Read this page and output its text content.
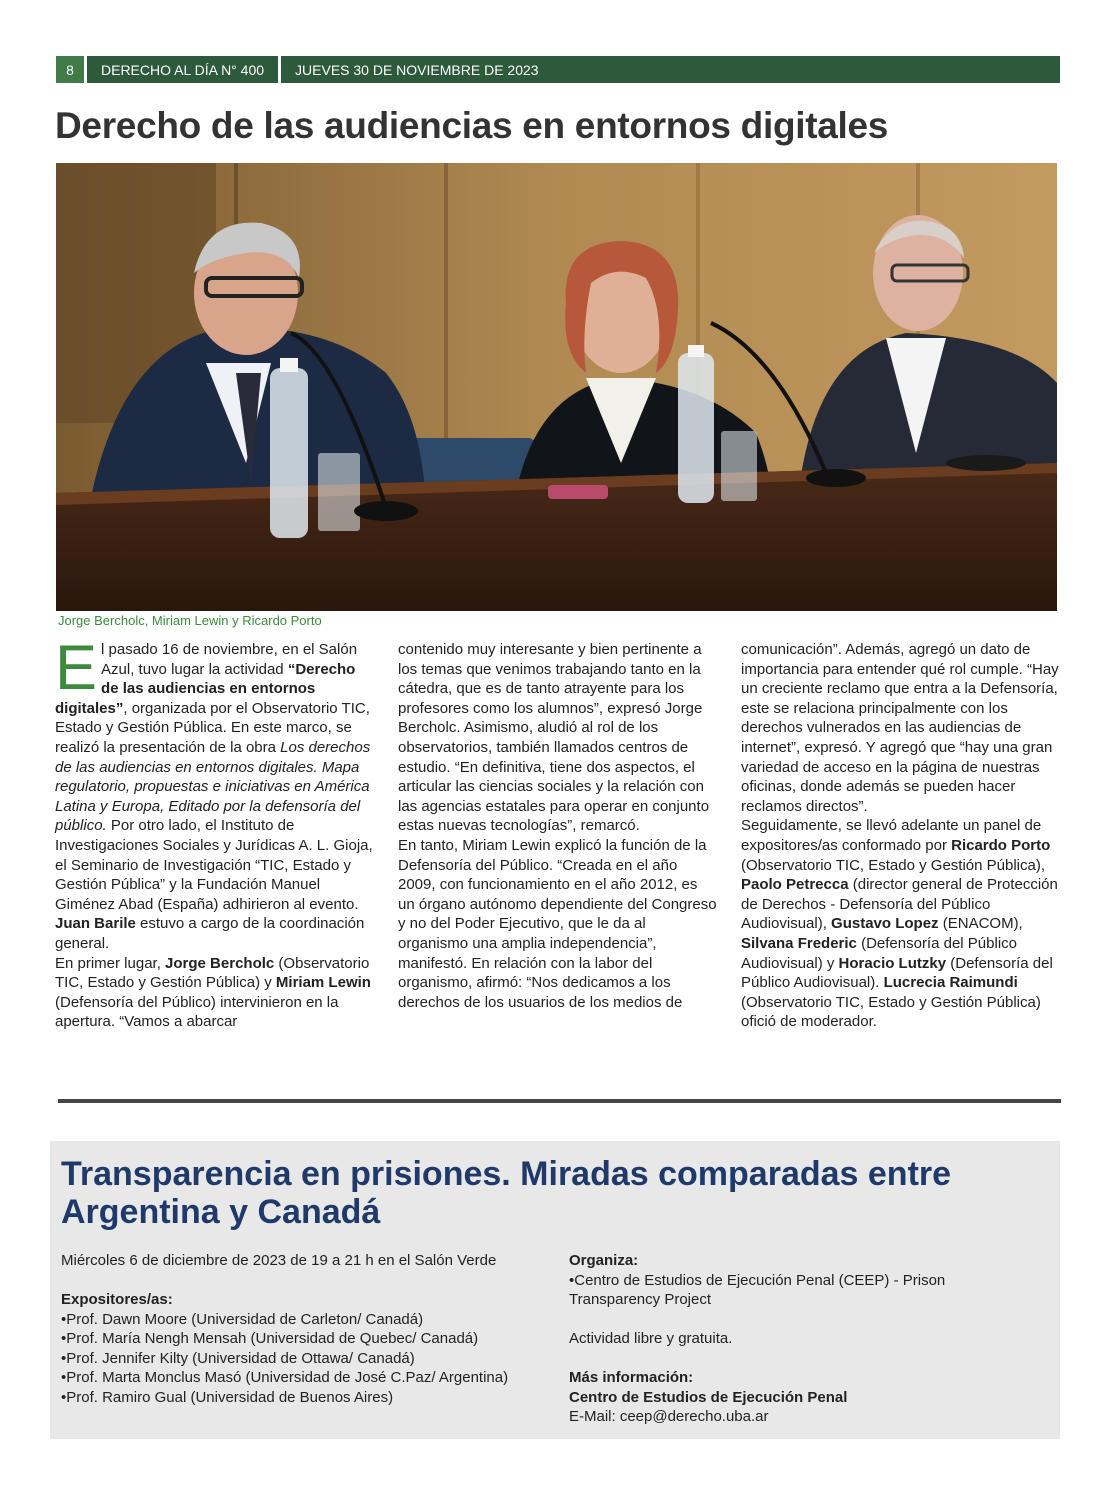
8	DERECHO AL DÍA N° 400	JUEVES 30 DE NOVIEMBRE DE 2023
Derecho de las audiencias en entornos digitales
Jorge Bercholc, Miriam Lewin y Ricardo Porto

El pasado 16 de noviembre, en el Salón Azul, tuvo lugar la actividad “Derecho de las audiencias en entornos digitales”, organizada por el Observatorio TIC, Estado y Gestión Pública. En este marco, se realizó la presentación de la obra Los derechos de las audiencias en entornos digitales. Mapa regulatorio, propuestas e iniciativas en América Latina y Europa, Editado por la defensoría del público. Por otro lado, el Instituto de Investigaciones Sociales y Jurídicas A. L. Gioja, el Seminario de Investigación “TIC, Estado y Gestión Pública” y la Fundación Manuel Giménez Abad (España) adhirieron al evento. Juan Barile estuvo a cargo de la coordinación general.

En primer lugar, Jorge Bercholc (Observatorio TIC, Estado y Gestión Pública) y Miriam Lewin (Defensoría del Público) intervinieron en la apertura. “Vamos a abarcar

contenido muy interesante y bien pertinente a los temas que venimos trabajando tanto en la cátedra, que es de tanto atrayente para los profesores como los alumnos”, expresó Jorge Bercholc. Asimismo, aludió al rol de los observatorios, también llamados centros de estudio. “En definitiva, tiene dos aspectos, el articular las ciencias sociales y la relación con las agencias estatales para operar en conjunto estas nuevas tecnologías”, remarcó.

En tanto, Miriam Lewin explicó la función de la Defensoría del Público. “Creada en el año 2009, con funcionamiento en el año 2012, es un órgano autónomo dependiente del Congreso y no del Poder Ejecutivo, que le da al organismo una amplia independencia”, manifestó. En relación con la labor del organismo, afirmó: “Nos dedicamos a los derechos de los usuarios de los medios de

comunicación”. Además, agregó un dato de importancia para entender qué rol cumple. “Hay un creciente reclamo que entra a la Defensoría, este se relaciona principalmente con los derechos vulnerados en las audiencias de internet”, expresó. Y agregó que “hay una gran variedad de acceso en la página de nuestras oficinas, donde además se pueden hacer reclamos directos”.

Seguidamente, se llevó adelante un panel de expositores/as conformado por Ricardo Porto (Observatorio TIC, Estado y Gestión Pública), Paolo Petrecca (director general de Protección de Derechos - Defensoría del Público Audiovisual), Gustavo Lopez (ENACOM), Silvana Frederic (Defensoría del Público Audiovisual) y Horacio Lutzky (Defensoría del Público Audiovisual). Lucrecia Raimundi (Observatorio TIC, Estado y Gestión Pública) ofició de moderador.

Transparencia en prisiones. Miradas comparadas entre Argentina y Canadá
Miércoles 6 de diciembre de 2023 de 19 a 21 h en el Salón Verde
Expositores/as:
•Prof. Dawn Moore (Universidad de Carleton/ Canadá)
•Prof. María Nengh Mensah (Universidad de Quebec/ Canadá)
•Prof. Jennifer Kilty (Universidad de Ottawa/ Canadá)
•Prof. Marta Monclus Masó (Universidad de José C.Paz/ Argentina)
•Prof. Ramiro Gual (Universidad de Buenos Aires)
Organiza:
•Centro de Estudios de Ejecución Penal (CEEP) - Prison Transparency Project
Actividad libre y gratuita.
Más información:
Centro de Estudios de Ejecución Penal
E-Mail: ceep@derecho.uba.ar
